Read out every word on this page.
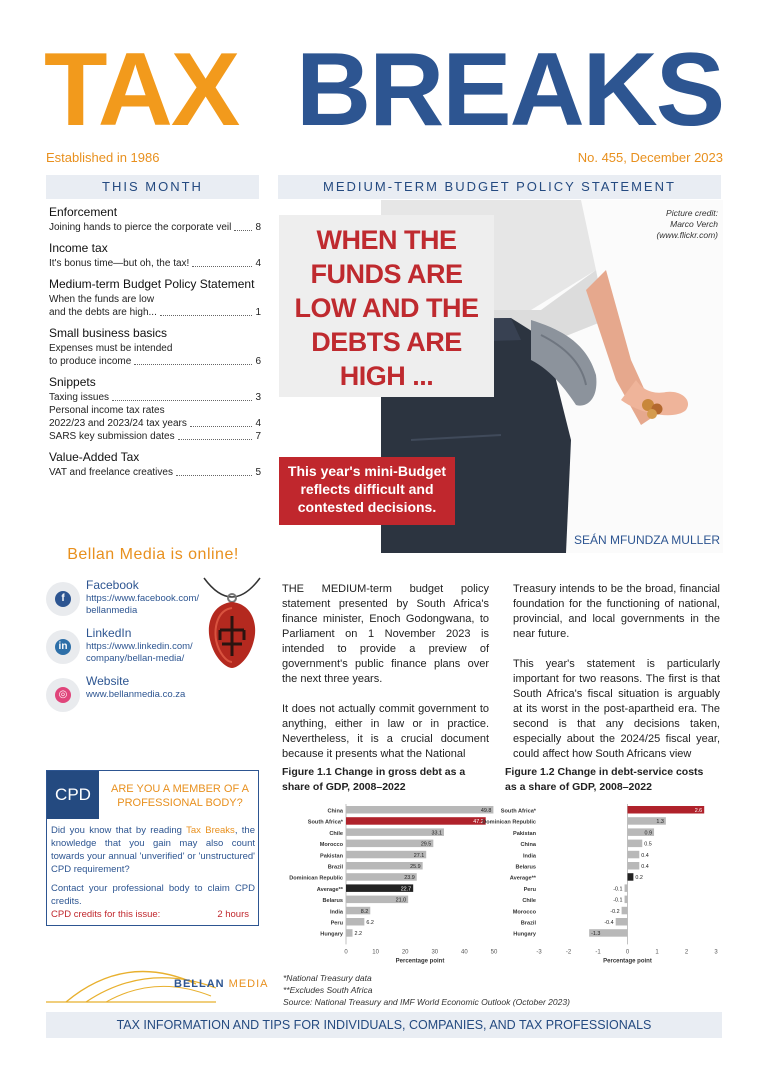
TAX BREAKS
Established in 1986	No. 455, December 2023
THIS MONTH	MEDIUM-TERM BUDGET POLICY STATEMENT
Enforcement
Joining hands to pierce the corporate veil 8
Income tax
It's bonus time—but oh, the tax!	4
Medium-term Budget Policy Statement
When the funds are low
and the debts are high...	1
Small business basics
Expenses must be intended
to produce income	6
Snippets
Taxing issues	3
Personal income tax rates
2022/23 and 2023/24 tax years	4
SARS key submission dates	7
Value-Added Tax
VAT and freelance creatives	5
Bellan Media is online!
f
Facebook
https://www.facebook.com/
bellanmedia
in
LinkedIn
https://www.linkedin.com/
company/bellan-media/
◎
Website
www.bellanmedia.co.za
CPD	ARE YOU A MEMBER OF A PROFESSIONAL BODY?
Did you know that by reading Tax Breaks, the knowledge that you gain may also count towards your annual 'unverified' or 'unstructured' CPD requirement?
Contact your professional body to claim CPD credits.
CPD credits for this issue:	2 hours
Picture credit:
Marco Verch
(www.flickr.com)
WHEN THE FUNDS ARE LOW AND THE DEBTS ARE HIGH ...
This year's mini-Budget reflects difficult and contested decisions.
SEÁN MFUNDZA MULLER

THE MEDIUM-term budget policy statement presented by South Africa's finance minister, Enoch Godongwana, to Parliament on 1 November 2023 is intended to provide a preview of government's public finance plans over the next three years.

It does not actually commit government to anything, either in law or in practice. Nevertheless, it is a crucial document because it presents what the National

Treasury intends to be the broad, financial foundation for the functioning of national, provincial, and local governments in the near future.

This year's statement is particularly important for two reasons. The first is that South Africa's fiscal situation is arguably at its worst in the post-apartheid era. The second is that any decisions taken, especially about the 2024/25 fiscal year, could affect how South Africans view

Figure 1.1 Change in gross debt as a share of GDP, 2008–2022
Figure 1.2 Change in debt-service costs as a share of GDP, 2008–2022
China	49.8
South Africa*	47.2
Chile	33.1
Morocco	29.5
Pakistan	27.1
Brazil	25.9
Dominican Republic	23.9
Average**	22.7
Belarus	21.0
India	8.2
Peru	6.2
Hungary 2.2
0	10	20	30	40	50
Percentage point
South Africa*	2.6
Dominican Republic	1.3
Pakistan	0.9
China	0.5
India	0.4
Belarus	0.4
Average**	0.2
Peru	-0.1
Chile	-0.1
Morocco	-0.2
Brazil	-0.4
Hungary	-1.3
-3	-2	-1	0	1	2	3
Percentage point
*National Treasury data
**Excludes South Africa
Source: National Treasury and IMF World Economic Outlook (October 2023)
BELLAN MEDIA
TAX INFORMATION AND TIPS FOR INDIVIDUALS, COMPANIES, AND TAX PROFESSIONALS
